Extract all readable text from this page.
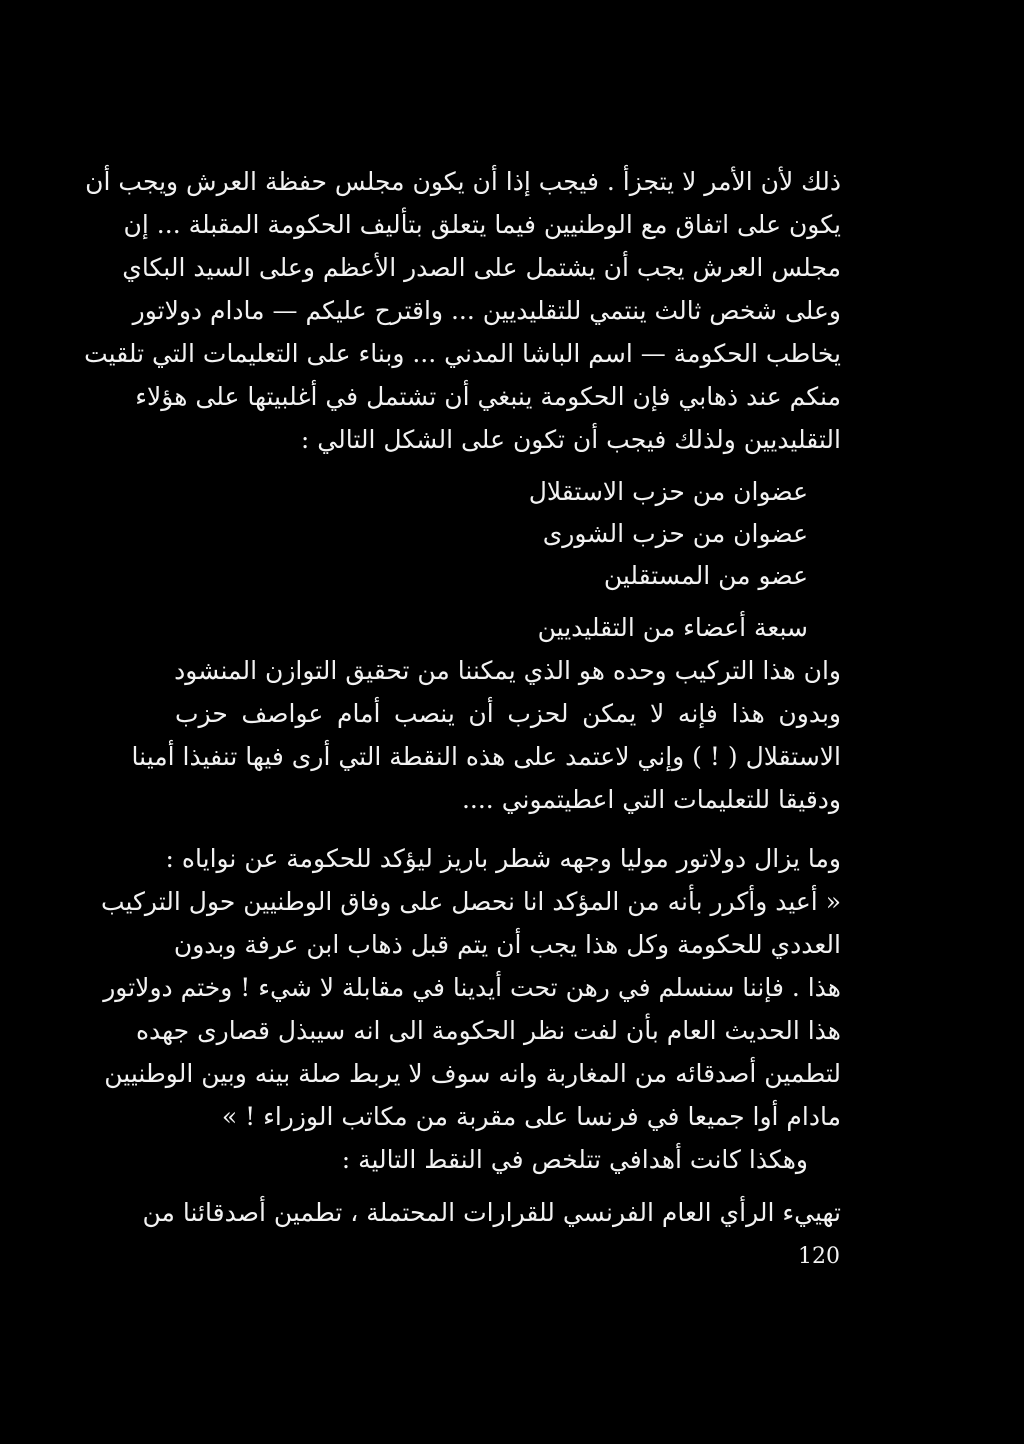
ذلك لأن الأمر لا يتجزأ . فيجب إذا أن يكون مجلس حفظة العرش ويجب أن
يكون على اتفاق مع الوطنيين فيما يتعلق بتأليف الحكومة المقبلة ... إن
مجلس العرش يجب أن يشتمل على الصدر الأعظم وعلى السيد البكاي
وعلى شخص ثالث ينتمي للتقليديين ... واقترح عليكم — مادام دولاتور
يخاطب الحكومة — اسم الباشا المدني ... وبناء على التعليمات التي تلقيت
منكم عند ذهابي فإن الحكومة ينبغي أن تشتمل في أغلبيتها على هؤلاء
التقليديين ولذلك فيجب أن تكون على الشكل التالي :
عضوان من حزب الاستقلال
عضوان من حزب الشورى
عضو من المستقلين
سبعة أعضاء من التقليديين
وان هذا التركيب وحده هو الذي يمكننا من تحقيق التوازن المنشود
وبدون هذا فإنه لا يمكن لحزب أن ينصب أمام عواصف حزب
الاستقلال ( ! ) وإني لاعتمد على هذه النقطة التي أرى فيها تنفيذا أمينا
ودقيقا للتعليمات التي اعطيتموني ....
وما يزال دولاتور موليا وجهه شطر باريز ليؤكد للحكومة عن نواياه :
« أعيد وأكرر بأنه من المؤكد انا نحصل على وفاق الوطنيين حول التركيب
العددي للحكومة وكل هذا يجب أن يتم قبل ذهاب ابن عرفة وبدون
هذا . فإننا سنسلم في رهن تحت أيدينا في مقابلة لا شيء ! وختم دولاتور
هذا الحديث العام بأن لفت نظر الحكومة الى انه سيبذل قصارى جهده
لتطمين أصدقائه من المغاربة وانه سوف لا يربط صلة بينه وبين الوطنيين
مادام أوا جميعا في فرنسا على مقربة من مكاتب الوزراء ! »
وهكذا كانت أهدافي تتلخص في النقط التالية :
تهييء الرأي العام الفرنسي للقرارات المحتملة ، تطمين أصدقائنا من
120
